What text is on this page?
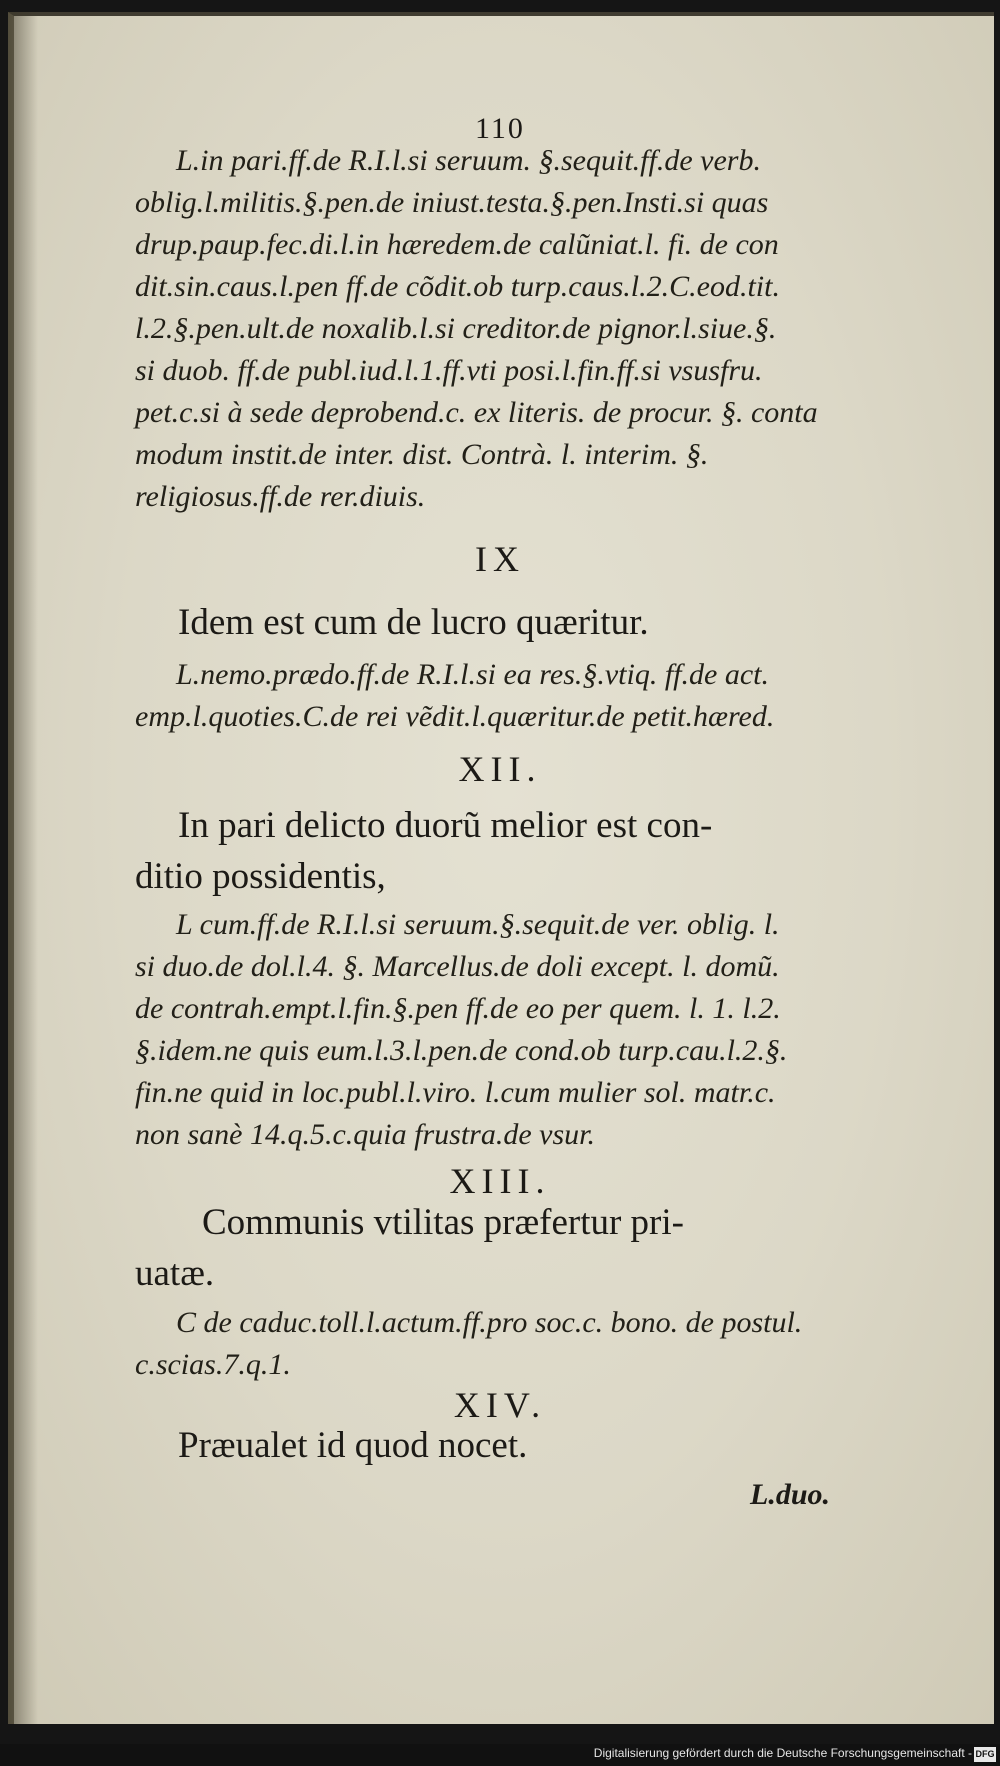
110
L.in pari.ff.de R.I.l.si seruum. §.sequit.ff.de verb.
oblig.l.militis.§.pen.de iniust.testa.§.pen.Insti.si quas
drup.paup.fec.di.l.in hæredem.de calũniat.l. fi. de con
dit.sin.caus.l.pen ff.de cõdit.ob turp.caus.l.2.C.eod.tit.
l.2.§.pen.ult.de noxalib.l.si creditor.de pignor.l.siue.§.
si duob. ff.de publ.iud.l.1.ff.vti posi.l.fin.ff.si vsusfru.
pet.c.si à sede deprobend.c. ex literis. de procur. §. conta
modum instit.de inter. dist. Contrà. l. interim. §.
religiosus.ff.de rer.diuis.
IX
Idem est cum de lucro quæritur.
L.nemo.prædo.ff.de R.I.l.si ea res.§.vtiq. ff.de act.
emp.l.quoties.C.de rei vẽdit.l.quæritur.de petit.hæred.
XII.
In pari delicto duorũ melior est con-
ditio possidentis,
L cum.ff.de R.I.l.si seruum.§.sequit.de ver. oblig. l.
si duo.de dol.l.4. §. Marcellus.de doli except. l. domũ.
de contrah.empt.l.fin.§.pen ff.de eo per quem. l. 1. l.2.
§.idem.ne quis eum.l.3.l.pen.de cond.ob turp.cau.l.2.§.
fin.ne quid in loc.publ.l.viro. l.cum mulier sol. matr.c.
non sanè 14.q.5.c.quia frustra.de vsur.
XIII.
Communis vtilitas præfertur pri-
uatæ.
C de caduc.toll.l.actum.ff.pro soc.c. bono. de postul.
c.scias.7.q.1.
XIV.
Præualet id quod nocet.
L.duo.
Digitalisierung gefördert durch die Deutsche Forschungsgemeinschaft - DFG
